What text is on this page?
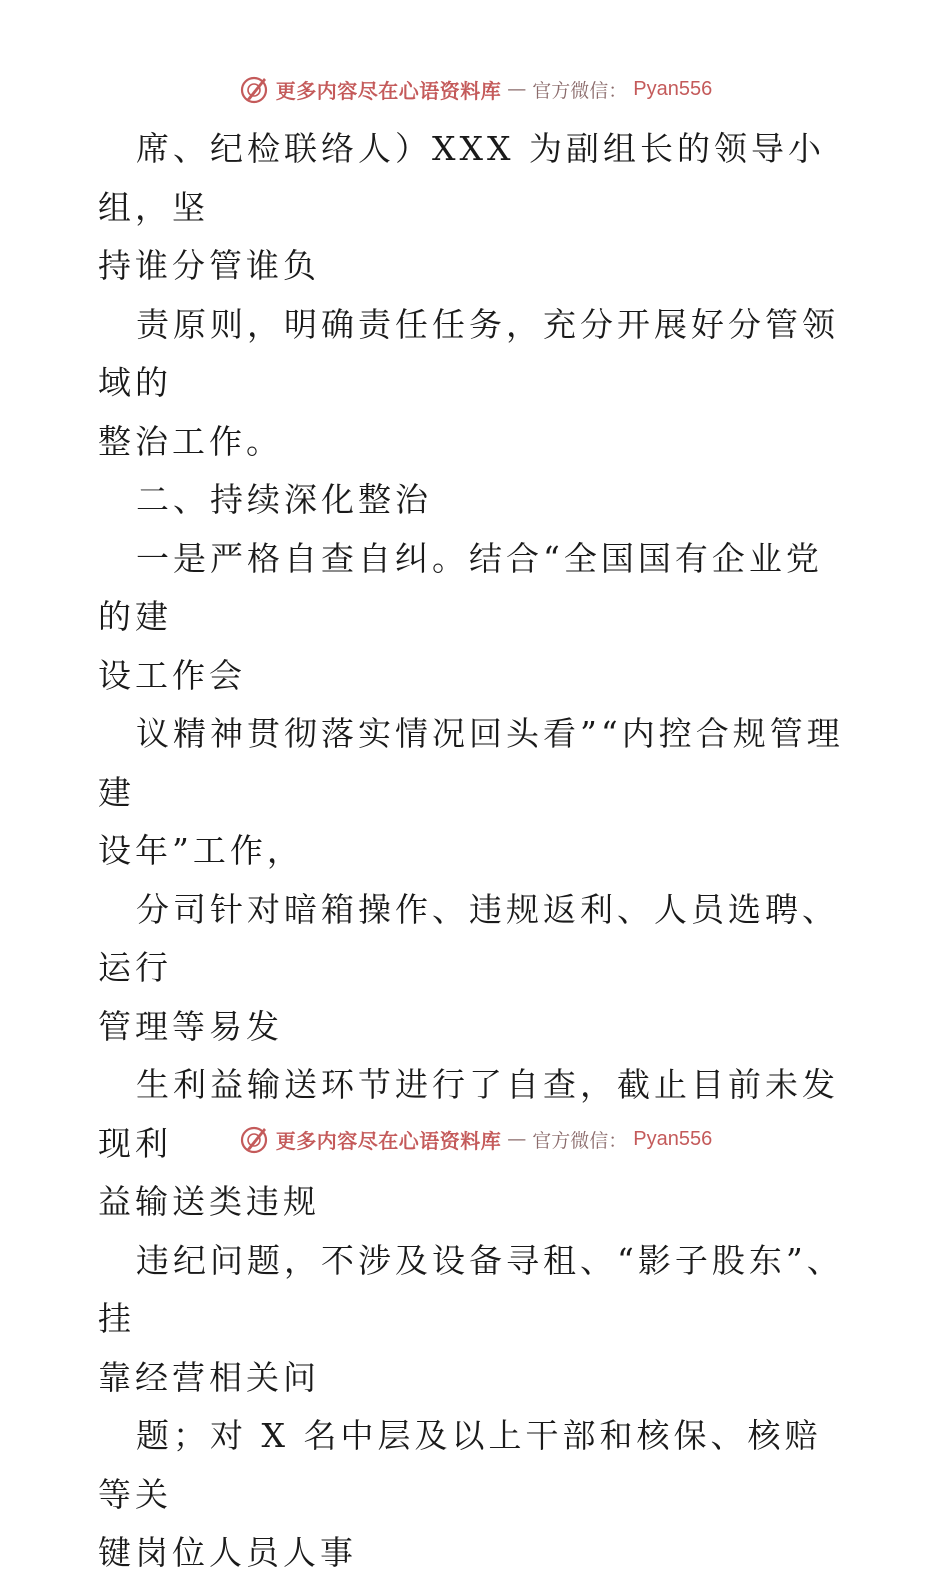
更多内容尽在心语资料库 — 官方微信： Pyan556

席、纪检联络人）XXX 为副组长的领导小组，坚
持谁分管谁负

责原则，明确责任任务，充分开展好分管领域的
整治工作。

二、持续深化整治

一是严格自查自纠。结合“全国国有企业党的建
设工作会

议精神贯彻落实情况回头看”“内控合规管理建
设年”工作，

分司针对暗箱操作、违规返利、人员选聘、运行
管理等易发

生利益输送环节进行了自查，截止目前未发现利
益输送类违规

违纪问题，不涉及设备寻租、“影子股东”、挂
靠经营相关问

题；对 X 名中层及以上干部和核保、核赔等关
键岗位人员人事

更多内容尽在心语资料库 — 官方微信： Pyan556
